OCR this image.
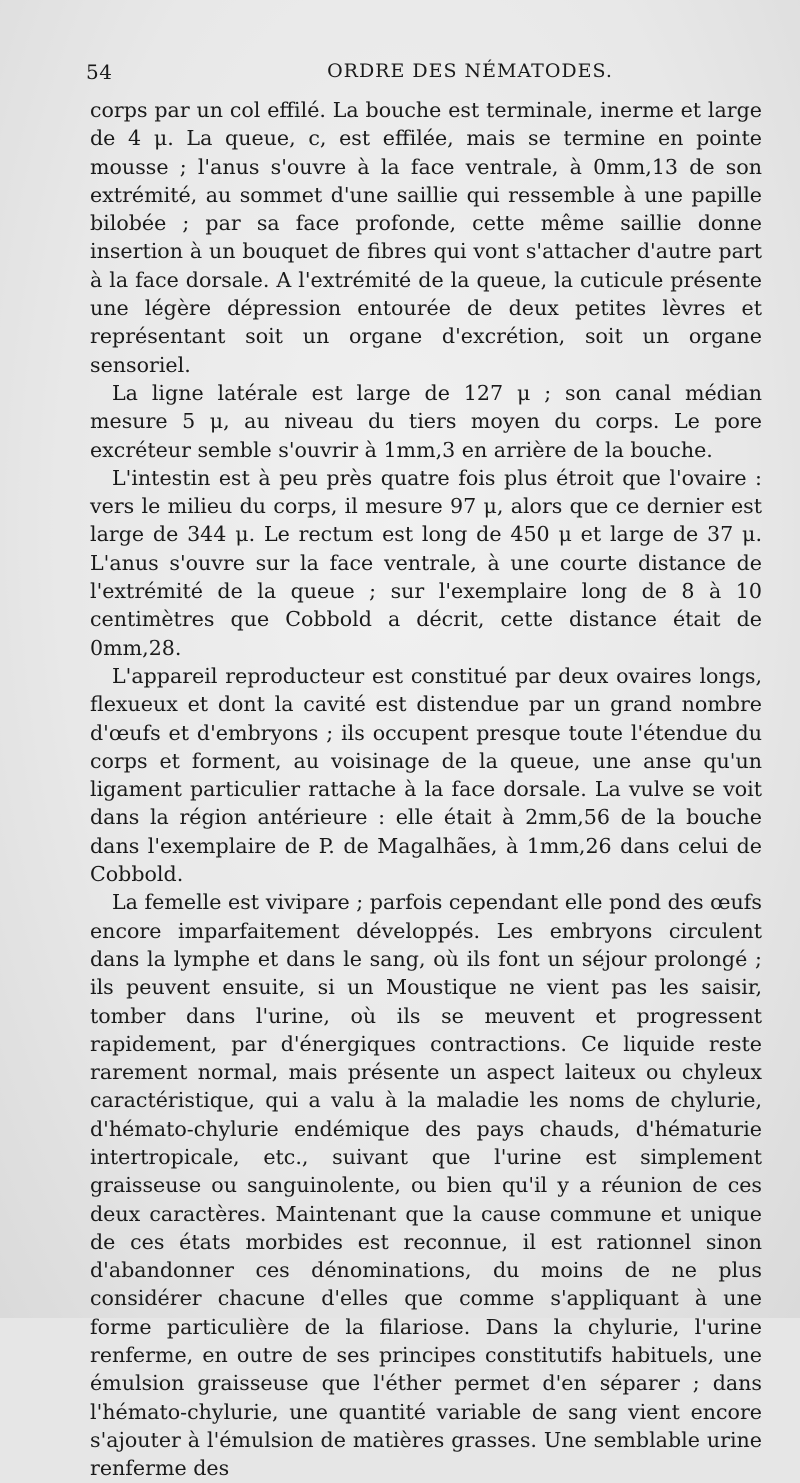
54	ORDRE DES NÉMATODES.

corps par un col effilé. La bouche est terminale, inerme et large de 4 μ. La queue, c, est effilée, mais se termine en pointe mousse ; l'anus s'ouvre à la face ventrale, à 0mm,13 de son extrémité, au sommet d'une saillie qui ressemble à une papille bilobée ; par sa face profonde, cette même saillie donne insertion à un bouquet de fibres qui vont s'attacher d'autre part à la face dorsale. A l'extrémité de la queue, la cuticule présente une légère dépression entourée de deux petites lèvres et représentant soit un organe d'excrétion, soit un organe sensoriel.

La ligne latérale est large de 127 μ ; son canal médian mesure 5 μ, au niveau du tiers moyen du corps. Le pore excréteur semble s'ouvrir à 1mm,3 en arrière de la bouche.

L'intestin est à peu près quatre fois plus étroit que l'ovaire : vers le milieu du corps, il mesure 97 μ, alors que ce dernier est large de 344 μ. Le rectum est long de 450 μ et large de 37 μ. L'anus s'ouvre sur la face ventrale, à une courte distance de l'extrémité de la queue ; sur l'exemplaire long de 8 à 10 centimètres que Cobbold a décrit, cette distance était de 0mm,28.

L'appareil reproducteur est constitué par deux ovaires longs, flexueux et dont la cavité est distendue par un grand nombre d'œufs et d'embryons ; ils occupent presque toute l'étendue du corps et forment, au voisinage de la queue, une anse qu'un ligament particulier rattache à la face dorsale. La vulve se voit dans la région antérieure : elle était à 2mm,56 de la bouche dans l'exemplaire de P. de Magalhães, à 1mm,26 dans celui de Cobbold.

La femelle est vivipare ; parfois cependant elle pond des œufs encore imparfaitement développés. Les embryons circulent dans la lymphe et dans le sang, où ils font un séjour prolongé ; ils peuvent ensuite, si un Moustique ne vient pas les saisir, tomber dans l'urine, où ils se meuvent et progressent rapidement, par d'énergiques contractions. Ce liquide reste rarement normal, mais présente un aspect laiteux ou chyleux caractéristique, qui a valu à la maladie les noms de chylurie, d'hémato-chylurie endémique des pays chauds, d'hématurie intertropicale, etc., suivant que l'urine est simplement graisseuse ou sanguinolente, ou bien qu'il y a réunion de ces deux caractères. Maintenant que la cause commune et unique de ces états morbides est reconnue, il est rationnel sinon d'abandonner ces dénominations, du moins de ne plus considérer chacune d'elles que comme s'appliquant à une forme particulière de la filariose. Dans la chylurie, l'urine renferme, en outre de ses principes constitutifs habituels, une émulsion graisseuse que l'éther permet d'en séparer ; dans l'hémato-chylurie, une quantité variable de sang vient encore s'ajouter à l'émulsion de matières grasses. Une semblable urine renferme des
